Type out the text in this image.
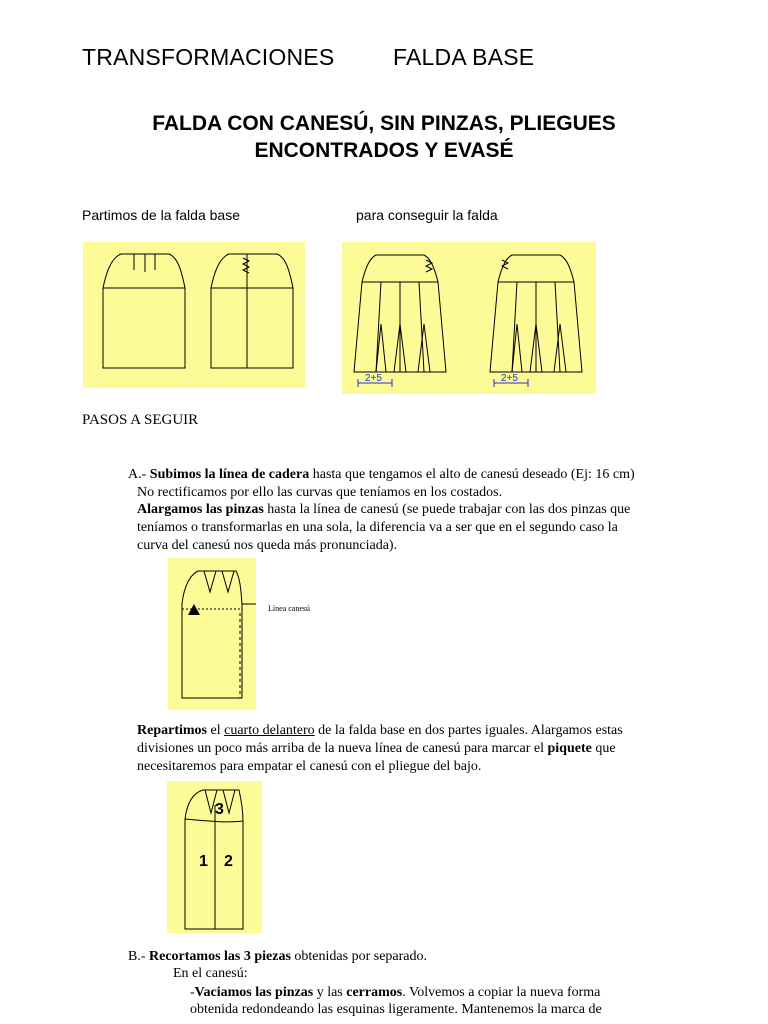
TRANSFORMACIONES	FALDA BASE
FALDA CON CANESÚ, SIN PINZAS, PLIEGUES
ENCONTRADOS Y EVASÉ
Partimos de la falda base	para conseguir la falda
2+5	2+5
PASOS A SEGUIR
A.- Subimos la línea de cadera hasta que tengamos el alto de canesú deseado (Ej: 16 cm)
No rectificamos por ello las curvas que teníamos en los costados.
Alargamos las pinzas hasta la línea de canesú (se puede trabajar con las dos pinzas que
teníamos o transformarlas en una sola, la diferencia va a ser que en el segundo caso la
curva del canesú nos queda más pronunciada).
Línea canesú
Repartimos el cuarto delantero de la falda base en dos partes iguales. Alargamos estas
divisiones un poco más arriba de la nueva línea de canesú para marcar el piquete que
necesitaremos para empatar el canesú con el pliegue del bajo.
1 2
3
B.- Recortamos las 3 piezas obtenidas por separado.
En el canesú:
-Vaciamos las pinzas y las cerramos. Volvemos a copiar la nueva forma
obtenida redondeando las esquinas ligeramente. Mantenemos la marca de
